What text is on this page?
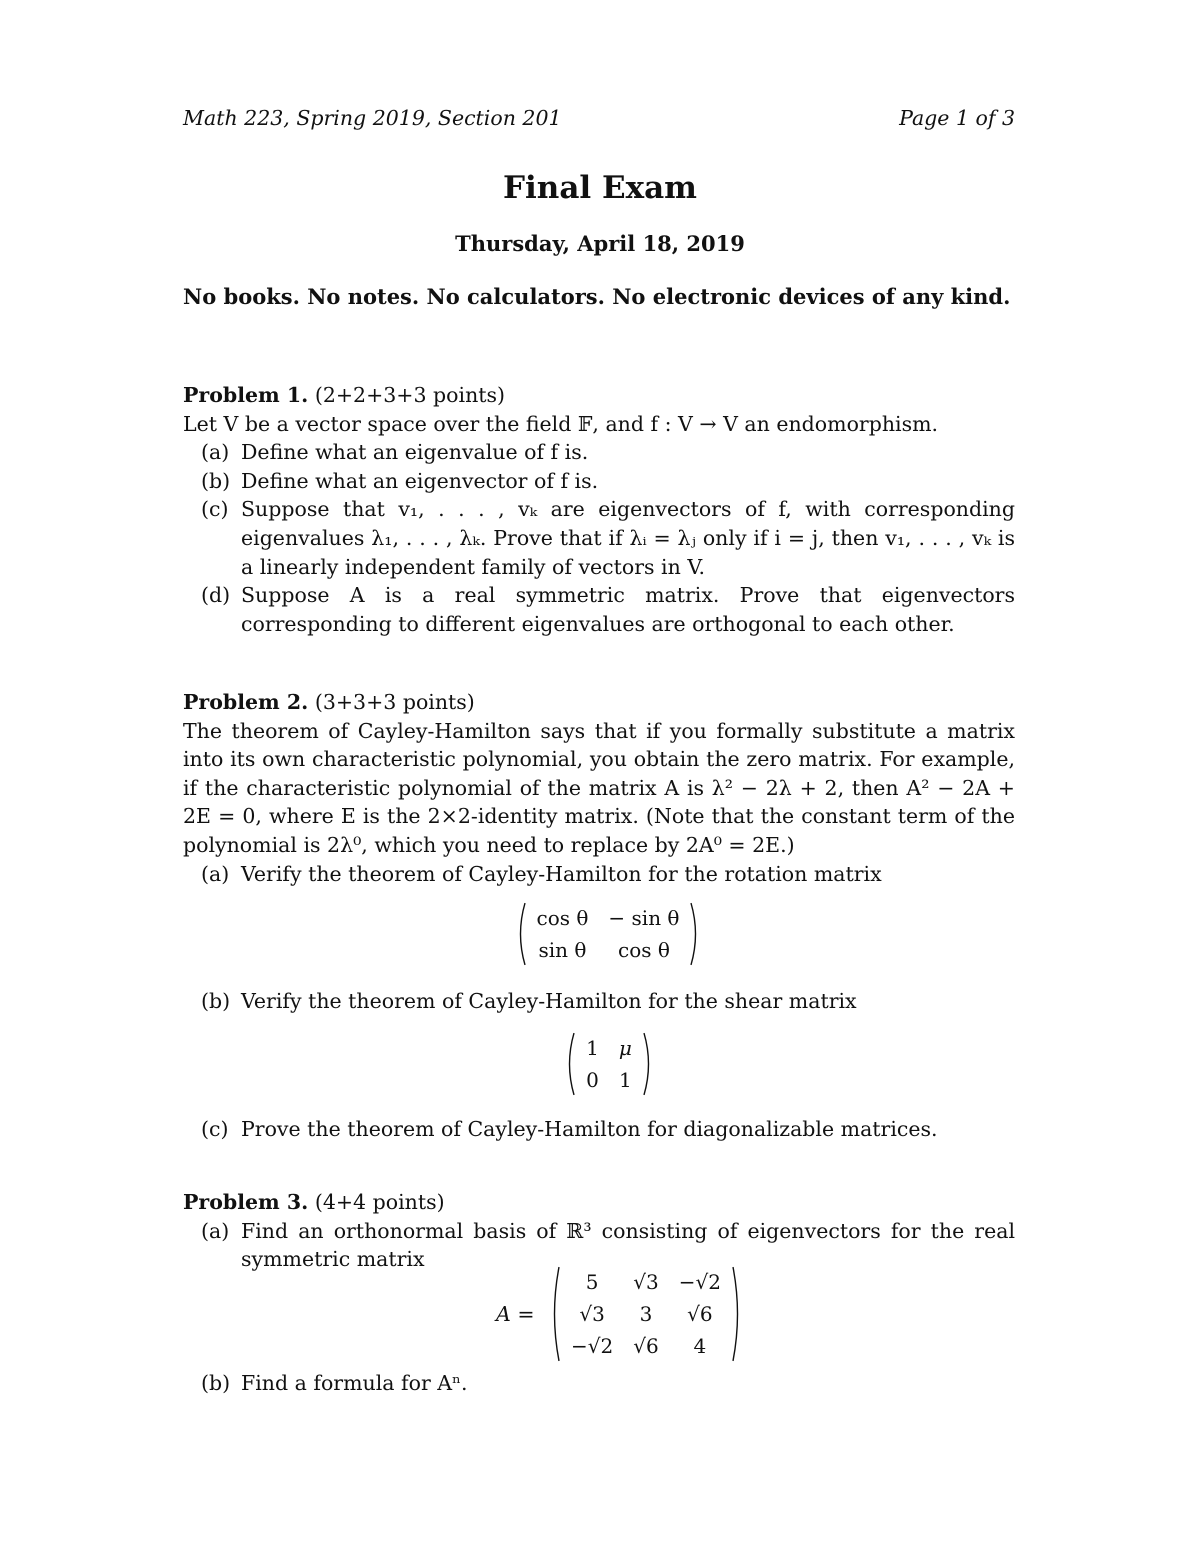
Math 223, Spring 2019, Section 201	Page 1 of 3
Final Exam
Thursday, April 18, 2019
No books. No notes. No calculators. No electronic devices of any kind.

Problem 1. (2+2+3+3 points)

Let V be a vector space over the field 𝔽, and f : V → V an endomorphism.

(a) Define what an eigenvalue of f is.
(b) Define what an eigenvector of f is.
(c) Suppose that v₁, . . . , vₖ are eigenvectors of f, with corresponding eigenvalues λ₁, . . . , λₖ. Prove that if λᵢ = λⱼ only if i = j, then v₁, . . . , vₖ is a linearly independent family of vectors in V.
(d) Suppose A is a real symmetric matrix. Prove that eigenvectors corresponding to different eigenvalues are orthogonal to each other.

Problem 2. (3+3+3 points)

The theorem of Cayley-Hamilton says that if you formally substitute a matrix into its own characteristic polynomial, you obtain the zero matrix. For example, if the characteristic polynomial of the matrix A is λ² − 2λ + 2, then A² − 2A + 2E = 0, where E is the 2×2-identity matrix. (Note that the constant term of the polynomial is 2λ⁰, which you need to replace by 2A⁰ = 2E.)

(a) Verify the theorem of Cayley-Hamilton for the rotation matrix
cos θ	− sin θ
sin θ	cos θ
(b) Verify the theorem of Cayley-Hamilton for the shear matrix
1	μ
0	1
(c) Prove the theorem of Cayley-Hamilton for diagonalizable matrices.

Problem 3. (4+4 points)

(a) Find an orthonormal basis of ℝ³ consisting of eigenvectors for the real symmetric matrix
A =
5	√3	−√2
√3	3	√6
−√2	√6	4
(b) Find a formula for Aⁿ.
